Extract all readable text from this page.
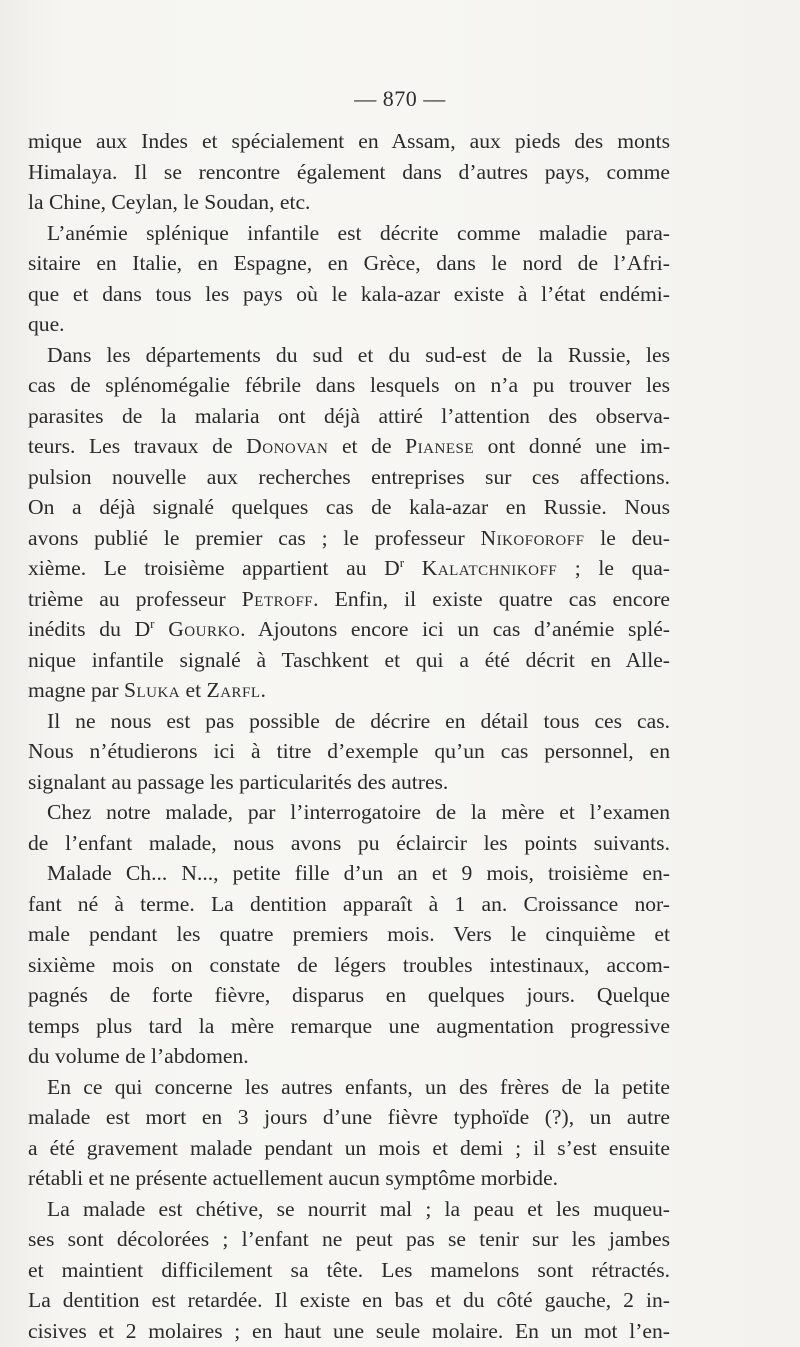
— 870 —
mique aux Indes et spécialement en Assam, aux pieds des monts
Himalaya. Il se rencontre également dans d’autres pays, comme
la Chine, Ceylan, le Soudan, etc.
L’anémie splénique infantile est décrite comme maladie para-
sitaire en Italie, en Espagne, en Grèce, dans le nord de l’Afri-
que et dans tous les pays où le kala-azar existe à l’état endémi-
que.
Dans les départements du sud et du sud-est de la Russie, les
cas de splénomégalie fébrile dans lesquels on n’a pu trouver les
parasites de la malaria ont déjà attiré l’attention des observa-
teurs. Les travaux de Donovan et de Pianese ont donné une im-
pulsion nouvelle aux recherches entreprises sur ces affections.
On a déjà signalé quelques cas de kala-azar en Russie. Nous
avons publié le premier cas ; le professeur Nikoforoff le deu-
xième. Le troisième appartient au $D^r$ Kalatchnikoff ; le qua-
trième au professeur Petroff. Enfin, il existe quatre cas encore
inédits du $D^r$ Gourko. Ajoutons encore ici un cas d’anémie splé-
nique infantile signalé à Taschkent et qui a été décrit en Alle-
magne par Sluka et Zarfl.
Il ne nous est pas possible de décrire en détail tous ces cas.
Nous n’étudierons ici à titre d’exemple qu’un cas personnel, en
signalant au passage les particularités des autres.
Chez notre malade, par l’interrogatoire de la mère et l’examen
de l’enfant malade, nous avons pu éclaircir les points suivants.
Malade Ch... N..., petite fille d’un an et 9 mois, troisième en-
fant né à terme. La dentition apparaît à 1 an. Croissance nor-
male pendant les quatre premiers mois. Vers le cinquième et
sixième mois on constate de légers troubles intestinaux, accom-
pagnés de forte fièvre, disparus en quelques jours. Quelque
temps plus tard la mère remarque une augmentation progressive
du volume de l’abdomen.
En ce qui concerne les autres enfants, un des frères de la petite
malade est mort en 3 jours d’une fièvre typhoïde (?), un autre
a été gravement malade pendant un mois et demi ; il s’est ensuite
rétabli et ne présente actuellement aucun symptôme morbide.
La malade est chétive, se nourrit mal ; la peau et les muqueu-
ses sont décolorées ; l’enfant ne peut pas se tenir sur les jambes
et maintient difficilement sa tête. Les mamelons sont rétractés.
La dentition est retardée. Il existe en bas et du côté gauche, 2 in-
cisives et 2 molaires ; en haut une seule molaire. En un mot l’en-
